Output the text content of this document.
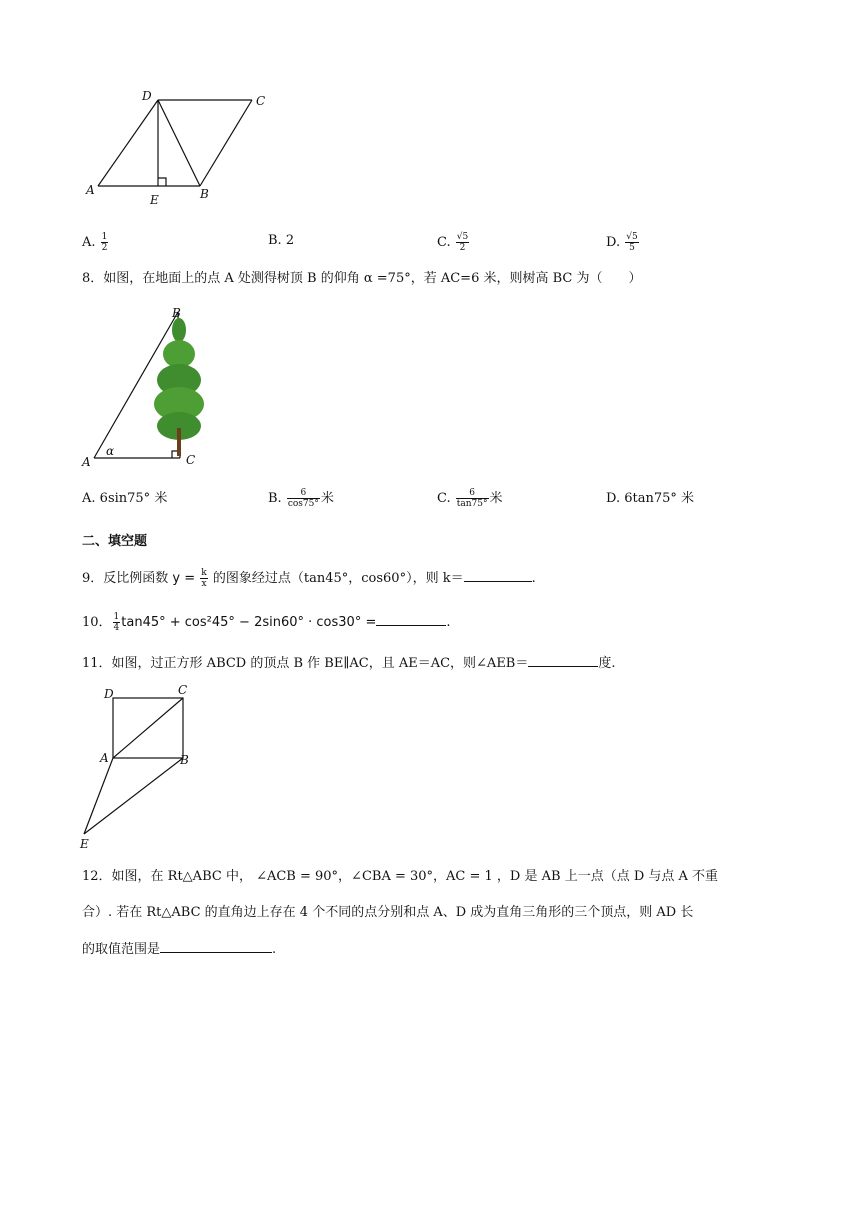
D	C
A
E	B
A. $\frac{1}{2}$	B. 2	C. $\frac{√5}{2}$	D. $\frac{√5}{5}$
8．如图，在地面上的点 A 处测得树顶 B 的仰角 α =75°，若 AC=6 米，则树高 BC 为（　　）
B
A	C
α
A. 6sin75° 米	B. $\frac{6}{\cos 75^\circ}$ 米	C. $\frac{6}{\tan 75^\circ}$ 米	D. 6tan75° 米
二、填空题
9．反比例函数 $y = \frac{k}{x}$ 的图象经过点（tan45°，cos60°），则 k＝	.
10． $\frac{1}{4} \tan 45^\circ + \cos^245^\circ - 2\sin 60^\circ \cdot \cos 30^\circ$ =	.
11．如图，过正方形 ABCD 的顶点 B 作 BE∥AC，且 AE＝AC，则∠AEB＝	度.
D	C
A	B
E
12．如图，在 Rt△ABC 中， ∠ACB = 90°，∠CBA = 30°，AC = 1 ，D 是 AB 上一点（点 D 与点 A 不重
合）. 若在 Rt△ABC 的直角边上存在 4 个不同的点分别和点 A、D 成为直角三角形的三个顶点，则 AD 长
的取值范围是	.
